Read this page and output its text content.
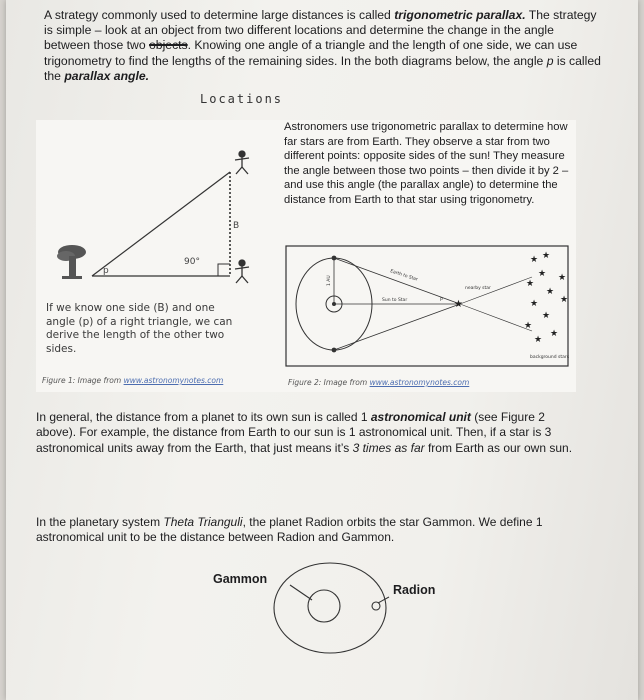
A strategy commonly used to determine large distances is called trigonometric parallax. The strategy is simple – look at an object from two different locations and determine the change in the angle between those two objects. Knowing one angle of a triangle and the length of one side, we can use trigonometry to find the lengths of the remaining sides. In the both diagrams below, the angle p is called the parallax angle.
Locations
90°
p
B
If we know one side (B) and one angle (p) of a right triangle, we can derive the length of the other two sides.
Figure 1: Image from www.astronomynotes.com
Astronomers use trigonometric parallax to determine how far stars are from Earth. They observe a star from two different points: opposite sides of the sun! They measure the angle between those two points – then divide it by 2 – and use this angle (the parallax angle) to determine the distance from Earth to that star using trigonometry.
1 AU	Earth to Star
Sun to Star	P
nearby star
★
★ ★
★ ★
★
★
★
★
★
★
★
★
background stars
Figure 2: Image from www.astronomynotes.com
In general, the distance from a planet to its own sun is called 1 astronomical unit (see Figure 2 above). For example, the distance from Earth to our sun is 1 astronomical unit. Then, if a star is 3 astronomical units away from the Earth, that just means it’s 3 times as far from Earth as our own sun.
In the planetary system Theta Trianguli, the planet Radion orbits the star Gammon. We define 1 astronomical unit to be the distance between Radion and Gammon.
Gammon
Radion
